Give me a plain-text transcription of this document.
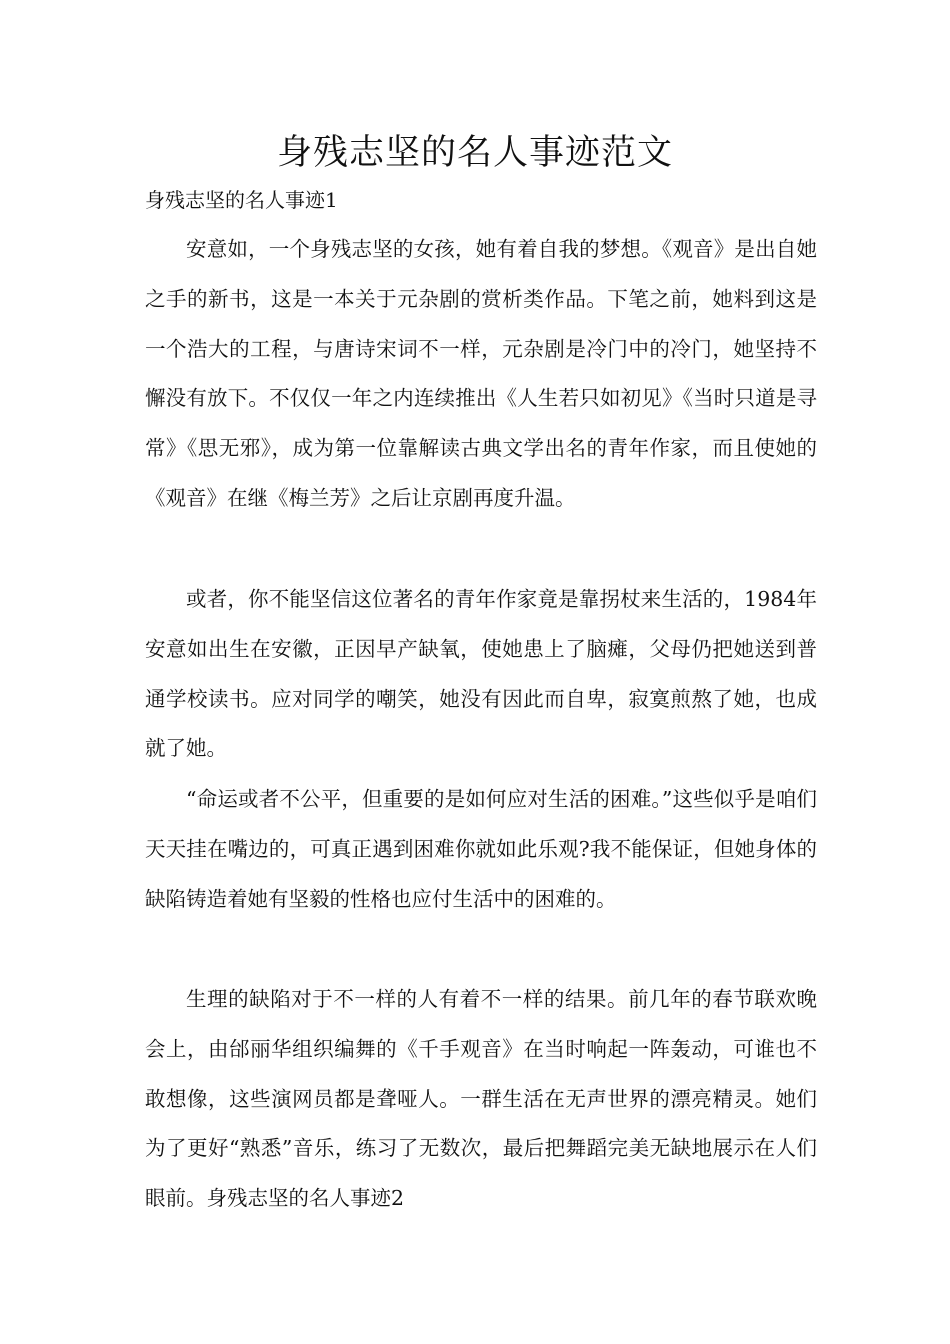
身残志坚的名人事迹范文
身残志坚的名人事迹1

安意如，一个身残志坚的女孩，她有着自我的梦想。《观音》是出自她之手的新书，这是一本关于元杂剧的赏析类作品。下笔之前，她料到这是一个浩大的工程，与唐诗宋词不一样，元杂剧是冷门中的冷门，她坚持不懈没有放下。不仅仅一年之内连续推出《人生若只如初见》《当时只道是寻常》《思无邪》，成为第一位靠解读古典文学出名的青年作家，而且使她的《观音》在继《梅兰芳》之后让京剧再度升温。

或者，你不能坚信这位著名的青年作家竟是靠拐杖来生活的，1984年安意如出生在安徽，正因早产缺氧，使她患上了脑瘫，父母仍把她送到普通学校读书。应对同学的嘲笑，她没有因此而自卑，寂寞煎熬了她，也成就了她。

“命运或者不公平，但重要的是如何应对生活的困难。”这些似乎是咱们天天挂在嘴边的，可真正遇到困难你就如此乐观?我不能保证，但她身体的缺陷铸造着她有坚毅的性格也应付生活中的困难的。

生理的缺陷对于不一样的人有着不一样的结果。前几年的春节联欢晚会上，由邰丽华组织编舞的《千手观音》在当时响起一阵轰动，可谁也不敢想像，这些演网员都是聋哑人。一群生活在无声世界的漂亮精灵。她们为了更好“熟悉”音乐，练习了无数次，最后把舞蹈完美无缺地展示在人们眼前。身残志坚的名人事迹2
